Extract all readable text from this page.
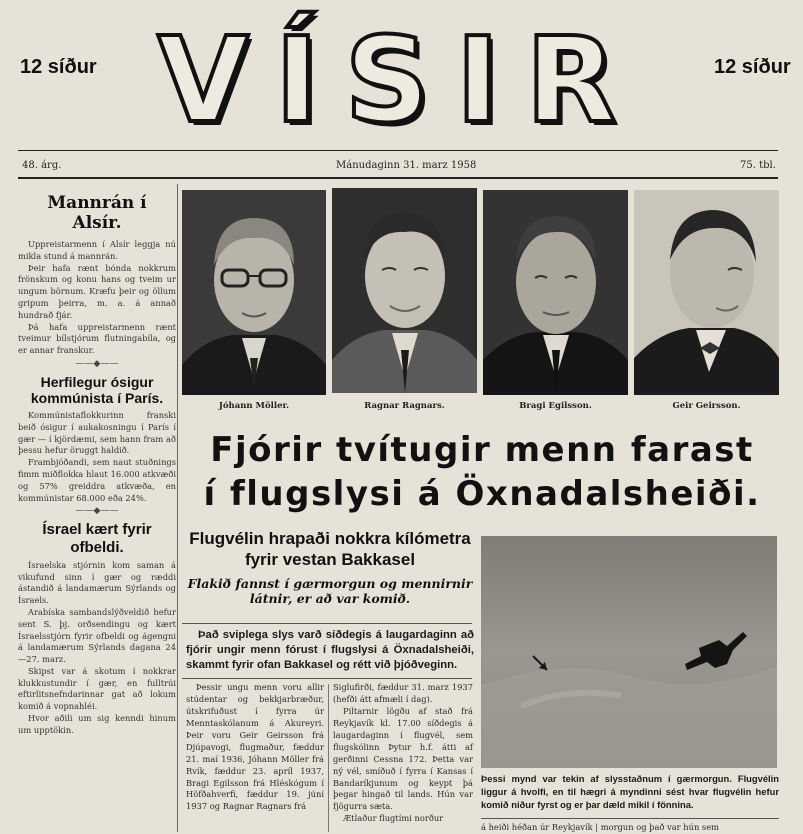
12 síður	12 síður
VÍSIR
48. árg.	Mánudaginn 31. marz 1958	75. tbl.
Mannrán í Alsír.

Uppreistarmenn í Alsír leggja nú mikla stund á mannrán.

Þeir hafa rænt bónda nokkrum frönskum og konu hans og tveim ur ungum börnum. Kræfu þeir og öllum gripum þeirra, m. a. á annað hundrað fjár.

Þá hafa uppreistarmenn rænt tveimur bílstjórum flutningabíla, og er annar franskur.

——◆——
Herfilegur ósigur kommúnista í París.

Kommúnistaflokkurinn franski beið ósigur í aukakosningu í París í gær — í kjördæmi, sem hann fram að þessu hefur öruggt haldið.

Frambjóðandi, sem naut stuðnings fimm miðflokka hlaut 16.000 atkvæði og 57% greiddra atkvæða, en kommúnistar 68.000 eða 24%.

——◆——
Ísrael kært fyrir ofbeldi.

Ísraelska stjórnin kom saman á vikufund sinn í gær og ræddi ástandið á landamærum Sýrlands og Ísraels.

Arabíska sambandslýðveldið hefur sent S. þj. orðsendingu og kært Ísraelsstjórn fyrir ofbeldi og ágengni á landamærum Sýrlands dagana 24—27. marz.

Skipst var á skotum í nokkrar klukkustundir í gær, en fulltrúi eftirlitsnefndarinnar gat að lokum komið á vopnahléi.

Hvor aðili um sig kenndi hinum um upptökin.

Jóhann Möller.	Ragnar Ragnars.	Bragi Egilsson.	Geir Geirsson.

Fjórir tvítugir menn farast

í flugslysi á Öxnadalsheiði.

Flugvélin hrapaði nokkra kílómetra fyrir vestan Bakkasel

Flakið fannst í gærmorgun og mennirnir látnir, er að var komið.

Það sviplega slys varð síðdegis á laugardaginn að fjórir ungir menn fórust í flugslysi á Öxnadalsheiði, skammt fyrir ofan Bakkasel og rétt við þjóðveginn.

Þessir ungu menn voru allir stúdentar og bekkjarbræður, útskrifuðust í fyrra úr Menntaskólanum á Akureyri. Þeir voru Geir Geirsson frá Djúpavogi, flugmaður, fæddur 21. maí 1936, Jóhann Möller frá Rvík, fæddur 23. apríl 1937, Bragi Egilsson frá Hléskógum í Höfðahverfi, fæddur 19. júní 1937 og Ragnar Ragnars frá

Siglufirði, fæddur 31. marz 1937 (hefði átt afmæli í dag).

Piltarnir lögðu af stað frá Reykjavík kl. 17.00 síðdegis á laugardaginn í flugvél, sem flugskólinn Þytur h.f. átti af gerðinni Cessna 172. Þetta var ný vél, smíðuð í fyrra í Kansas í Bandaríkjunum og keypt þá þegar hingað til lands. Hún var fjögurra sæta.

Ætlaður flugtími norður

Þessi mynd var tekin af slysstaðnum í gærmorgun. Flugvélin liggur á hvolfi, en til hægri á myndinni sést hvar flugvélin hefur komið niður fyrst og er þar dæld mikil í fönnina.

á heiði héðan úr Reykjavík | morgun og það var hún sem
